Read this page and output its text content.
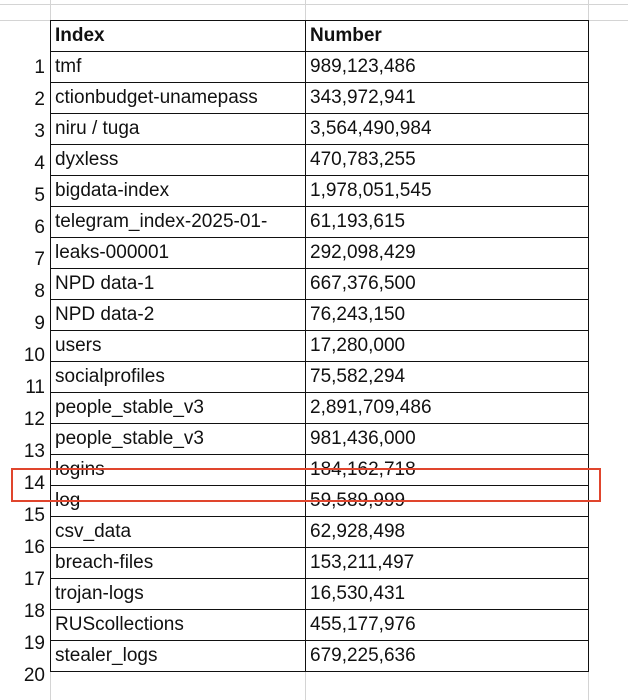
1
2
3
4
5
6
7
8
9
10
11
12
13
14
15
16
17
18
19
20
Index	Number
tmf	989,123,486
ctionbudget-unamepass	343,972,941
niru / tuga	3,564,490,984
dyxless	470,783,255
bigdata-index	1,978,051,545
telegram_index-2025-01-	61,193,615
leaks-000001	292,098,429
NPD data-1	667,376,500
NPD data-2	76,243,150
users	17,280,000
socialprofiles	75,582,294
people_stable_v3	2,891,709,486
people_stable_v3	981,436,000
logins	184,162,718
log	59,589,999
csv_data	62,928,498
breach-files	153,211,497
trojan-logs	16,530,431
RUScollections	455,177,976
stealer_logs	679,225,636
